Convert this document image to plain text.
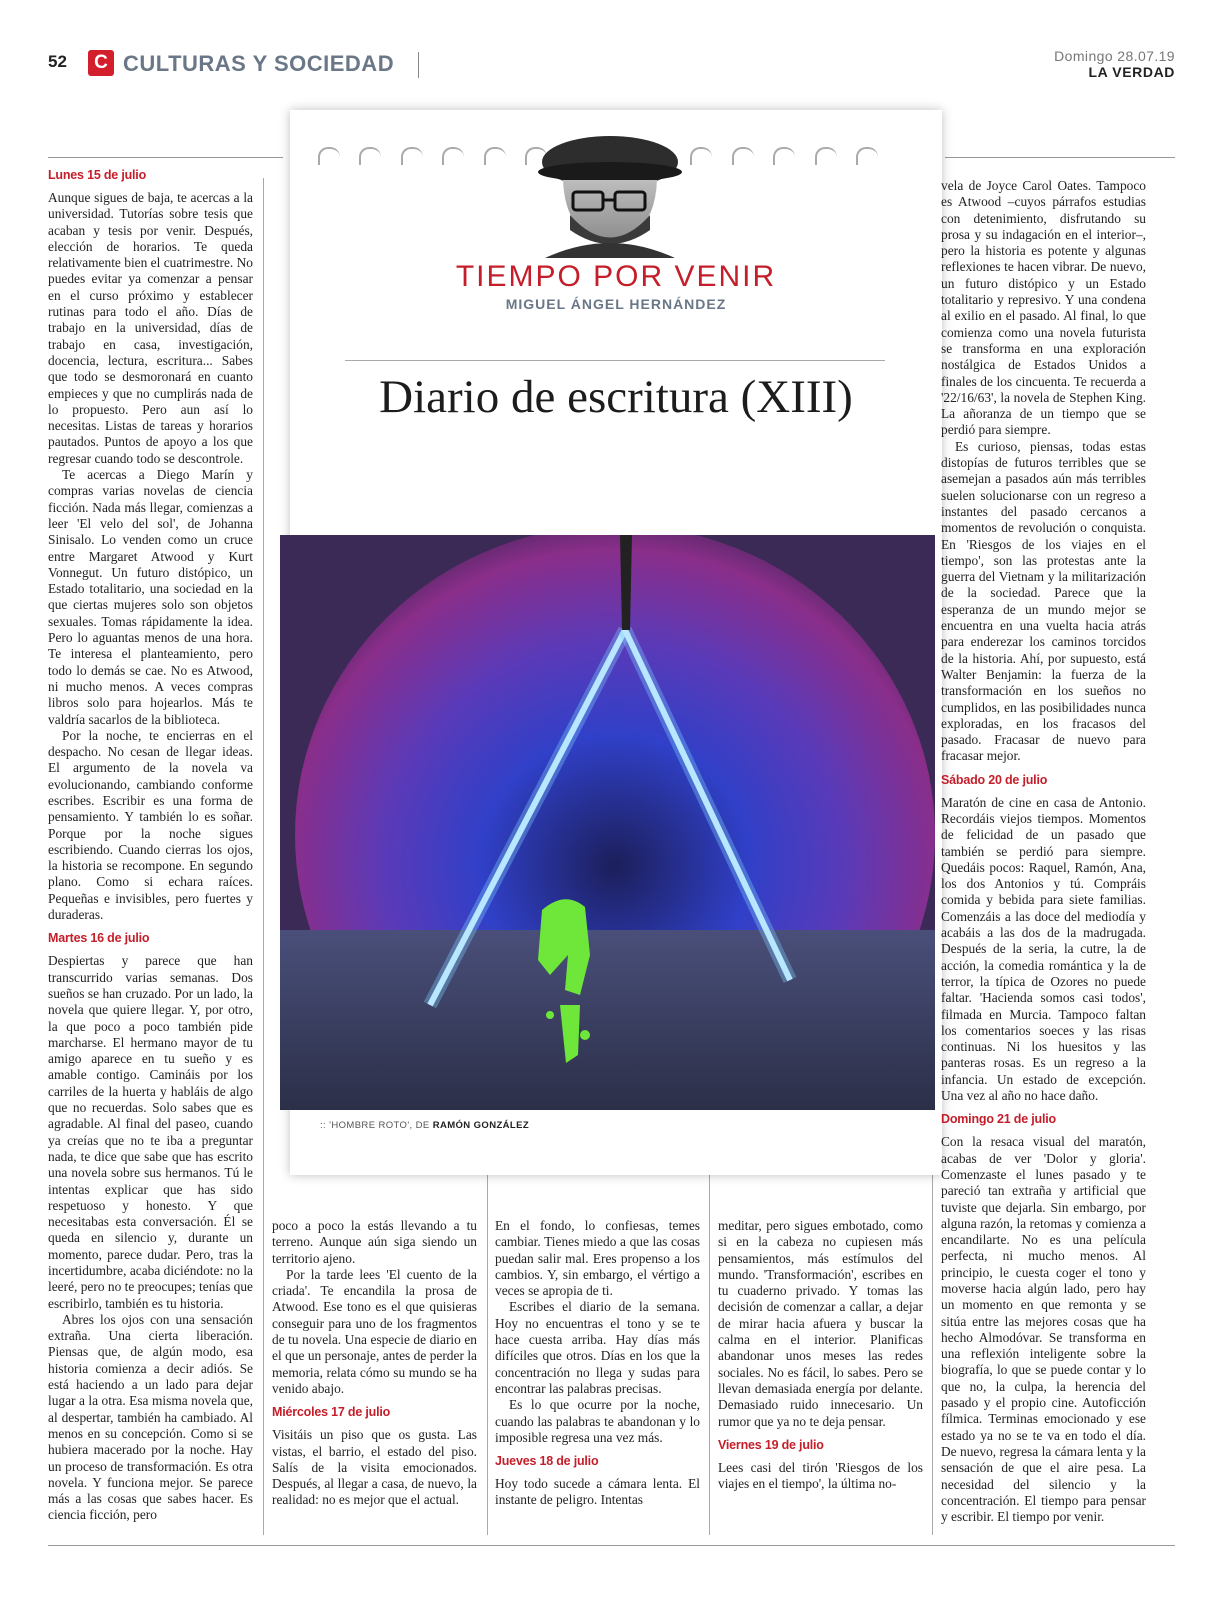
52	C CULTURAS Y SOCIEDAD	Domingo 28.07.19
LA VERDAD
Lunes 15 de julio

Aunque sigues de baja, te acercas a la universidad. Tutorías sobre tesis que acaban y tesis por venir. Después, elección de horarios. Te queda relativamente bien el cuatrimestre. No puedes evitar ya comenzar a pensar en el curso próximo y establecer rutinas para todo el año. Días de trabajo en la universidad, días de trabajo en casa, investigación, docencia, lectura, escritura... Sabes que todo se desmoronará en cuanto empieces y que no cumplirás nada de lo propuesto. Pero aun así lo necesitas. Listas de tareas y horarios pautados. Puntos de apoyo a los que regresar cuando todo se descontrole.

Te acercas a Diego Marín y compras varias novelas de ciencia ficción. Nada más llegar, comienzas a leer 'El velo del sol', de Johanna Sinisalo. Lo venden como un cruce entre Margaret Atwood y Kurt Vonnegut. Un futuro distópico, un Estado totalitario, una sociedad en la que ciertas mujeres solo son objetos sexuales. Tomas rápidamente la idea. Pero lo aguantas menos de una hora. Te interesa el planteamiento, pero todo lo demás se cae. No es Atwood, ni mucho menos. A veces compras libros solo para hojearlos. Más te valdría sacarlos de la biblioteca.

Por la noche, te encierras en el despacho. No cesan de llegar ideas. El argumento de la novela va evolucionando, cambiando conforme escribes. Escribir es una forma de pensamiento. Y también lo es soñar. Porque por la noche sigues escribiendo. Cuando cierras los ojos, la historia se recompone. En segundo plano. Como si echara raíces. Pequeñas e invisibles, pero fuertes y duraderas.

Martes 16 de julio

Despiertas y parece que han transcurrido varias semanas. Dos sueños se han cruzado. Por un lado, la novela que quiere llegar. Y, por otro, la que poco a poco también pide marcharse. El hermano mayor de tu amigo aparece en tu sueño y es amable contigo. Camináis por los carriles de la huerta y habláis de algo que no recuerdas. Solo sabes que es agradable. Al final del paseo, cuando ya creías que no te iba a preguntar nada, te dice que sabe que has escrito una novela sobre sus hermanos. Tú le intentas explicar que has sido respetuoso y honesto. Y que necesitabas esta conversación. Él se queda en silencio y, durante un momento, parece dudar. Pero, tras la incertidumbre, acaba diciéndote: no la leeré, pero no te preocupes; tenías que escribirlo, también es tu historia.

Abres los ojos con una sensación extraña. Una cierta liberación. Piensas que, de algún modo, esa historia comienza a decir adiós. Se está haciendo a un lado para dejar lugar a la otra. Esa misma novela que, al despertar, también ha cambiado. Al menos en su concepción. Como si se hubiera macerado por la noche. Hay un proceso de transformación. Es otra novela. Y funciona mejor. Se parece más a las cosas que sabes hacer. Es ciencia ficción, pero

TIEMPO POR VENIR
MIGUEL ÁNGEL HERNÁNDEZ
Diario de escritura (XIII)
:: 'HOMBRE ROTO', DE RAMÓN GONZÁLEZ

poco a poco la estás llevando a tu terreno. Aunque aún siga siendo un territorio ajeno.

Por la tarde lees 'El cuento de la criada'. Te encandila la prosa de Atwood. Ese tono es el que quisieras conseguir para uno de los fragmentos de tu novela. Una especie de diario en el que un personaje, antes de perder la memoria, relata cómo su mundo se ha venido abajo.

Miércoles 17 de julio

Visitáis un piso que os gusta. Las vistas, el barrio, el estado del piso. Salís de la visita emocionados. Después, al llegar a casa, de nuevo, la realidad: no es mejor que el actual.

En el fondo, lo confiesas, temes cambiar. Tienes miedo a que las cosas puedan salir mal. Eres propenso a los cambios. Y, sin embargo, el vértigo a veces se apropia de ti.

Escribes el diario de la semana. Hoy no encuentras el tono y se te hace cuesta arriba. Hay días más difíciles que otros. Días en los que la concentración no llega y sudas para encontrar las palabras precisas.

Es lo que ocurre por la noche, cuando las palabras te abandonan y lo imposible regresa una vez más.

Jueves 18 de julio

Hoy todo sucede a cámara lenta. El instante de peligro. Intentas

meditar, pero sigues embotado, como si en la cabeza no cupiesen más pensamientos, más estímulos del mundo. 'Transformación', escribes en tu cuaderno privado. Y tomas las decisión de comenzar a callar, a dejar de mirar hacia afuera y buscar la calma en el interior. Planificas abandonar unos meses las redes sociales. No es fácil, lo sabes. Pero se llevan demasiada energía por delante. Demasiado ruido innecesario. Un rumor que ya no te deja pensar.

Viernes 19 de julio

Lees casi del tirón 'Riesgos de los viajes en el tiempo', la última no-

vela de Joyce Carol Oates. Tampoco es Atwood –cuyos párrafos estudias con detenimiento, disfrutando su prosa y su indagación en el interior–, pero la historia es potente y algunas reflexiones te hacen vibrar. De nuevo, un futuro distópico y un Estado totalitario y represivo. Y una condena al exilio en el pasado. Al final, lo que comienza como una novela futurista se transforma en una exploración nostálgica de Estados Unidos a finales de los cincuenta. Te recuerda a '22/16/63', la novela de Stephen King. La añoranza de un tiempo que se perdió para siempre.

Es curioso, piensas, todas estas distopías de futuros terribles que se asemejan a pasados aún más terribles suelen solucionarse con un regreso a instantes del pasado cercanos a momentos de revolución o conquista. En 'Riesgos de los viajes en el tiempo', son las protestas ante la guerra del Vietnam y la militarización de la sociedad. Parece que la esperanza de un mundo mejor se encuentra en una vuelta hacia atrás para enderezar los caminos torcidos de la historia. Ahí, por supuesto, está Walter Benjamin: la fuerza de la transformación en los sueños no cumplidos, en las posibilidades nunca exploradas, en los fracasos del pasado. Fracasar de nuevo para fracasar mejor.

Sábado 20 de julio

Maratón de cine en casa de Antonio. Recordáis viejos tiempos. Momentos de felicidad de un pasado que también se perdió para siempre. Quedáis pocos: Raquel, Ramón, Ana, los dos Antonios y tú. Compráis comida y bebida para siete familias. Comenzáis a las doce del mediodía y acabáis a las dos de la madrugada. Después de la seria, la cutre, la de acción, la comedia romántica y la de terror, la típica de Ozores no puede faltar. 'Hacienda somos casi todos', filmada en Murcia. Tampoco faltan los comentarios soeces y las risas continuas. Ni los huesitos y las panteras rosas. Es un regreso a la infancia. Un estado de excepción. Una vez al año no hace daño.

Domingo 21 de julio

Con la resaca visual del maratón, acabas de ver 'Dolor y gloria'. Comenzaste el lunes pasado y te pareció tan extraña y artificial que tuviste que dejarla. Sin embargo, por alguna razón, la retomas y comienza a encandilarte. No es una película perfecta, ni mucho menos. Al principio, le cuesta coger el tono y moverse hacia algún lado, pero hay un momento en que remonta y se sitúa entre las mejores cosas que ha hecho Almodóvar. Se transforma en una reflexión inteligente sobre la biografía, lo que se puede contar y lo que no, la culpa, la herencia del pasado y el propio cine. Autoficción fílmica. Terminas emocionado y ese estado ya no se te va en todo el día. De nuevo, regresa la cámara lenta y la sensación de que el aire pesa. La necesidad del silencio y la concentración. El tiempo para pensar y escribir. El tiempo por venir.
